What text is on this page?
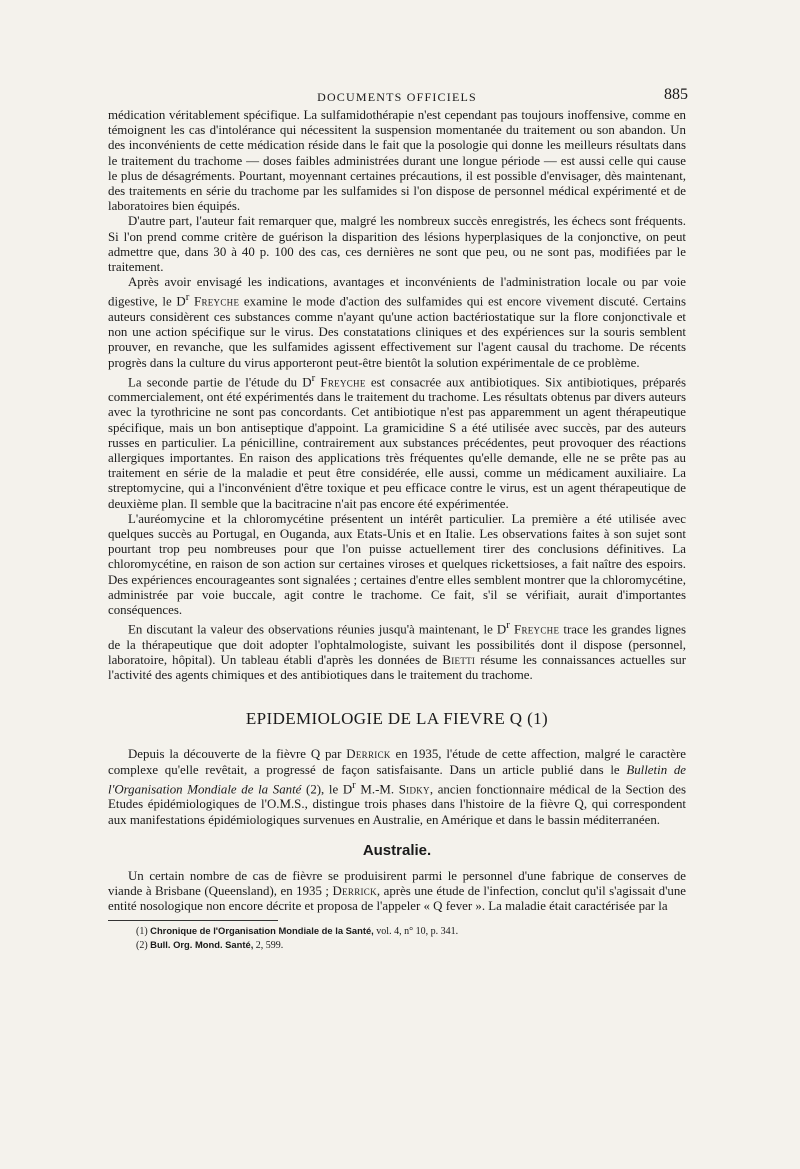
DOCUMENTS OFFICIELS	885

médication véritablement spécifique. La sulfamidothérapie n'est cependant pas toujours inoffensive, comme en témoignent les cas d'intolérance qui nécessitent la suspension momentanée du traitement ou son abandon. Un des inconvénients de cette médication réside dans le fait que la posologie qui donne les meilleurs résultats dans le traitement du trachome — doses faibles administrées durant une longue période — est aussi celle qui cause le plus de désagréments. Pourtant, moyennant certaines précautions, il est possible d'envisager, dès maintenant, des traitements en série du trachome par les sulfamides si l'on dispose de personnel médical expérimenté et de laboratoires bien équipés.

D'autre part, l'auteur fait remarquer que, malgré les nombreux succès enregistrés, les échecs sont fréquents. Si l'on prend comme critère de guérison la disparition des lésions hyperplasiques de la conjonctive, on peut admettre que, dans 30 à 40 p. 100 des cas, ces dernières ne sont que peu, ou ne sont pas, modifiées par le traitement.

Après avoir envisagé les indications, avantages et inconvénients de l'administration locale ou par voie digestive, le $D^r$ Freyche examine le mode d'action des sulfamides qui est encore vivement discuté. Certains auteurs considèrent ces substances comme n'ayant qu'une action bactériostatique sur la flore conjonctivale et non une action spécifique sur le virus. Des constatations cliniques et des expériences sur la souris semblent prouver, en revanche, que les sulfamides agissent effectivement sur l'agent causal du trachome. De récents progrès dans la culture du virus apporteront peut-être bientôt la solution expérimentale de ce problème.

La seconde partie de l'étude du $D^r$ Freyche est consacrée aux antibiotiques. Six antibiotiques, préparés commercialement, ont été expérimentés dans le traitement du trachome. Les résultats obtenus par divers auteurs avec la tyrothricine ne sont pas concordants. Cet antibiotique n'est pas apparemment un agent thérapeutique spécifique, mais un bon antiseptique d'appoint. La gramicidine S a été utilisée avec succès, par des auteurs russes en particulier. La pénicilline, contrairement aux substances précédentes, peut provoquer des réactions allergiques importantes. En raison des applications très fréquentes qu'elle demande, elle ne se prête pas au traitement en série de la maladie et peut être considérée, elle aussi, comme un médicament auxiliaire. La streptomycine, qui a l'inconvénient d'être toxique et peu efficace contre le virus, est un agent thérapeutique de deuxième plan. Il semble que la bacitracine n'ait pas encore été expérimentée.

L'auréomycine et la chloromycétine présentent un intérêt particulier. La première a été utilisée avec quelques succès au Portugal, en Ouganda, aux Etats-Unis et en Italie. Les observations faites à son sujet sont pourtant trop peu nombreuses pour que l'on puisse actuellement tirer des conclusions définitives. La chloromycétine, en raison de son action sur certaines viroses et quelques rickettsioses, a fait naître des espoirs. Des expériences encourageantes sont signalées ; certaines d'entre elles semblent montrer que la chloromycétine, administrée par voie buccale, agit contre le trachome. Ce fait, s'il se vérifiait, aurait d'importantes conséquences.

En discutant la valeur des observations réunies jusqu'à maintenant, le $D^r$ Freyche trace les grandes lignes de la thérapeutique que doit adopter l'ophtalmologiste, suivant les possibilités dont il dispose (personnel, laboratoire, hôpital). Un tableau établi d'après les données de Bietti résume les connaissances actuelles sur l'activité des agents chimiques et des antibiotiques dans le traitement du trachome.

EPIDEMIOLOGIE DE LA FIEVRE Q (1)

Depuis la découverte de la fièvre Q par Derrick en 1935, l'étude de cette affection, malgré le caractère complexe qu'elle revêtait, a progressé de façon satisfaisante. Dans un article publié dans le Bulletin de l'Organisation Mondiale de la Santé (2), le $D^r$ M.-M. Sidky, ancien fonctionnaire médical de la Section des Etudes épidémiologiques de l'O.M.S., distingue trois phases dans l'histoire de la fièvre Q, qui correspondent aux manifestations épidémiologiques survenues en Australie, en Amérique et dans le bassin méditerranéen.

Australie.

Un certain nombre de cas de fièvre se produisirent parmi le personnel d'une fabrique de conserves de viande à Brisbane (Queensland), en 1935 ; Derrick, après une étude de l'infection, conclut qu'il s'agissait d'une entité nosologique non encore décrite et proposa de l'appeler « Q fever ». La maladie était caractérisée par la

(1) Chronique de l'Organisation Mondiale de la Santé, vol. 4, n° 10, p. 341.
(2) Bull. Org. Mond. Santé, 2, 599.
